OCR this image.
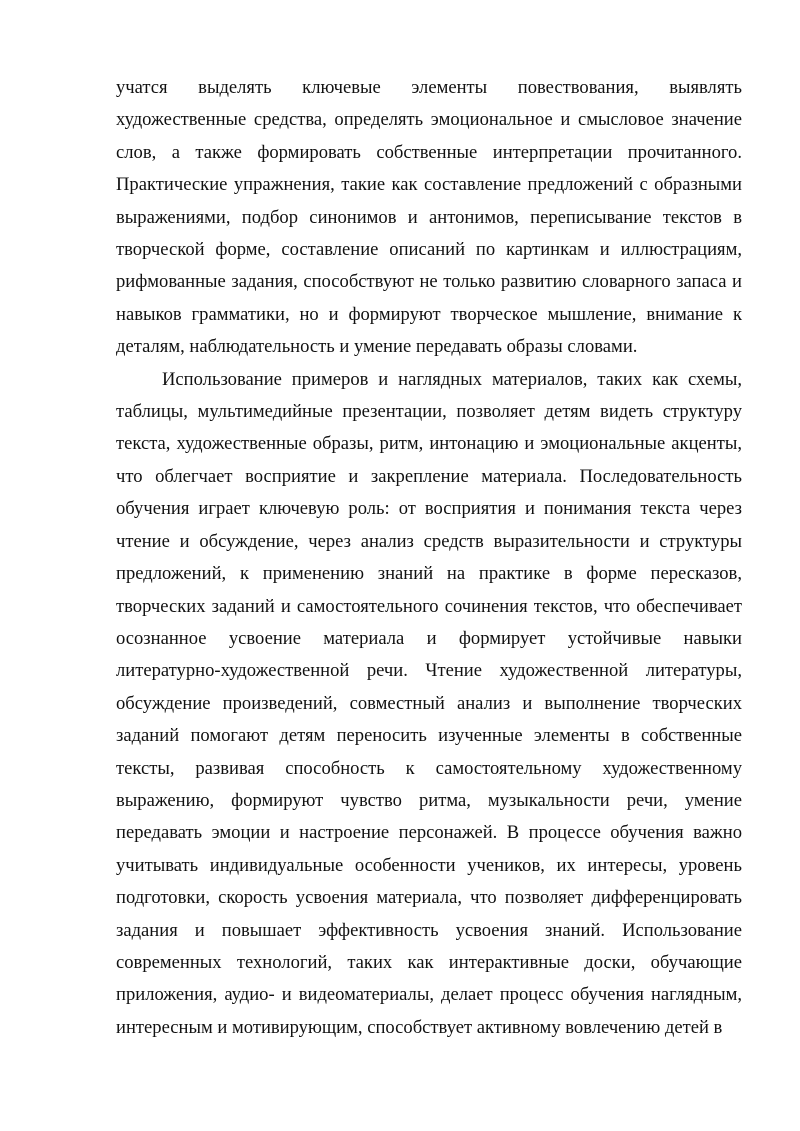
учатся выделять ключевые элементы повествования, выявлять художественные средства, определять эмоциональное и смысловое значение слов, а также формировать собственные интерпретации прочитанного. Практические упражнения, такие как составление предложений с образными выражениями, подбор синонимов и антонимов, переписывание текстов в творческой форме, составление описаний по картинкам и иллюстрациям, рифмованные задания, способствуют не только развитию словарного запаса и навыков грамматики, но и формируют творческое мышление, внимание к деталям, наблюдательность и умение передавать образы словами.

Использование примеров и наглядных материалов, таких как схемы, таблицы, мультимедийные презентации, позволяет детям видеть структуру текста, художественные образы, ритм, интонацию и эмоциональные акценты, что облегчает восприятие и закрепление материала. Последовательность обучения играет ключевую роль: от восприятия и понимания текста через чтение и обсуждение, через анализ средств выразительности и структуры предложений, к применению знаний на практике в форме пересказов, творческих заданий и самостоятельного сочинения текстов, что обеспечивает осознанное усвоение материала и формирует устойчивые навыки литературно-художественной речи. Чтение художественной литературы, обсуждение произведений, совместный анализ и выполнение творческих заданий помогают детям переносить изученные элементы в собственные тексты, развивая способность к самостоятельному художественному выражению, формируют чувство ритма, музыкальности речи, умение передавать эмоции и настроение персонажей. В процессе обучения важно учитывать индивидуальные особенности учеников, их интересы, уровень подготовки, скорость усвоения материала, что позволяет дифференцировать задания и повышает эффективность усвоения знаний. Использование современных технологий, таких как интерактивные доски, обучающие приложения, аудио- и видеоматериалы, делает процесс обучения наглядным, интересным и мотивирующим, способствует активному вовлечению детей в
